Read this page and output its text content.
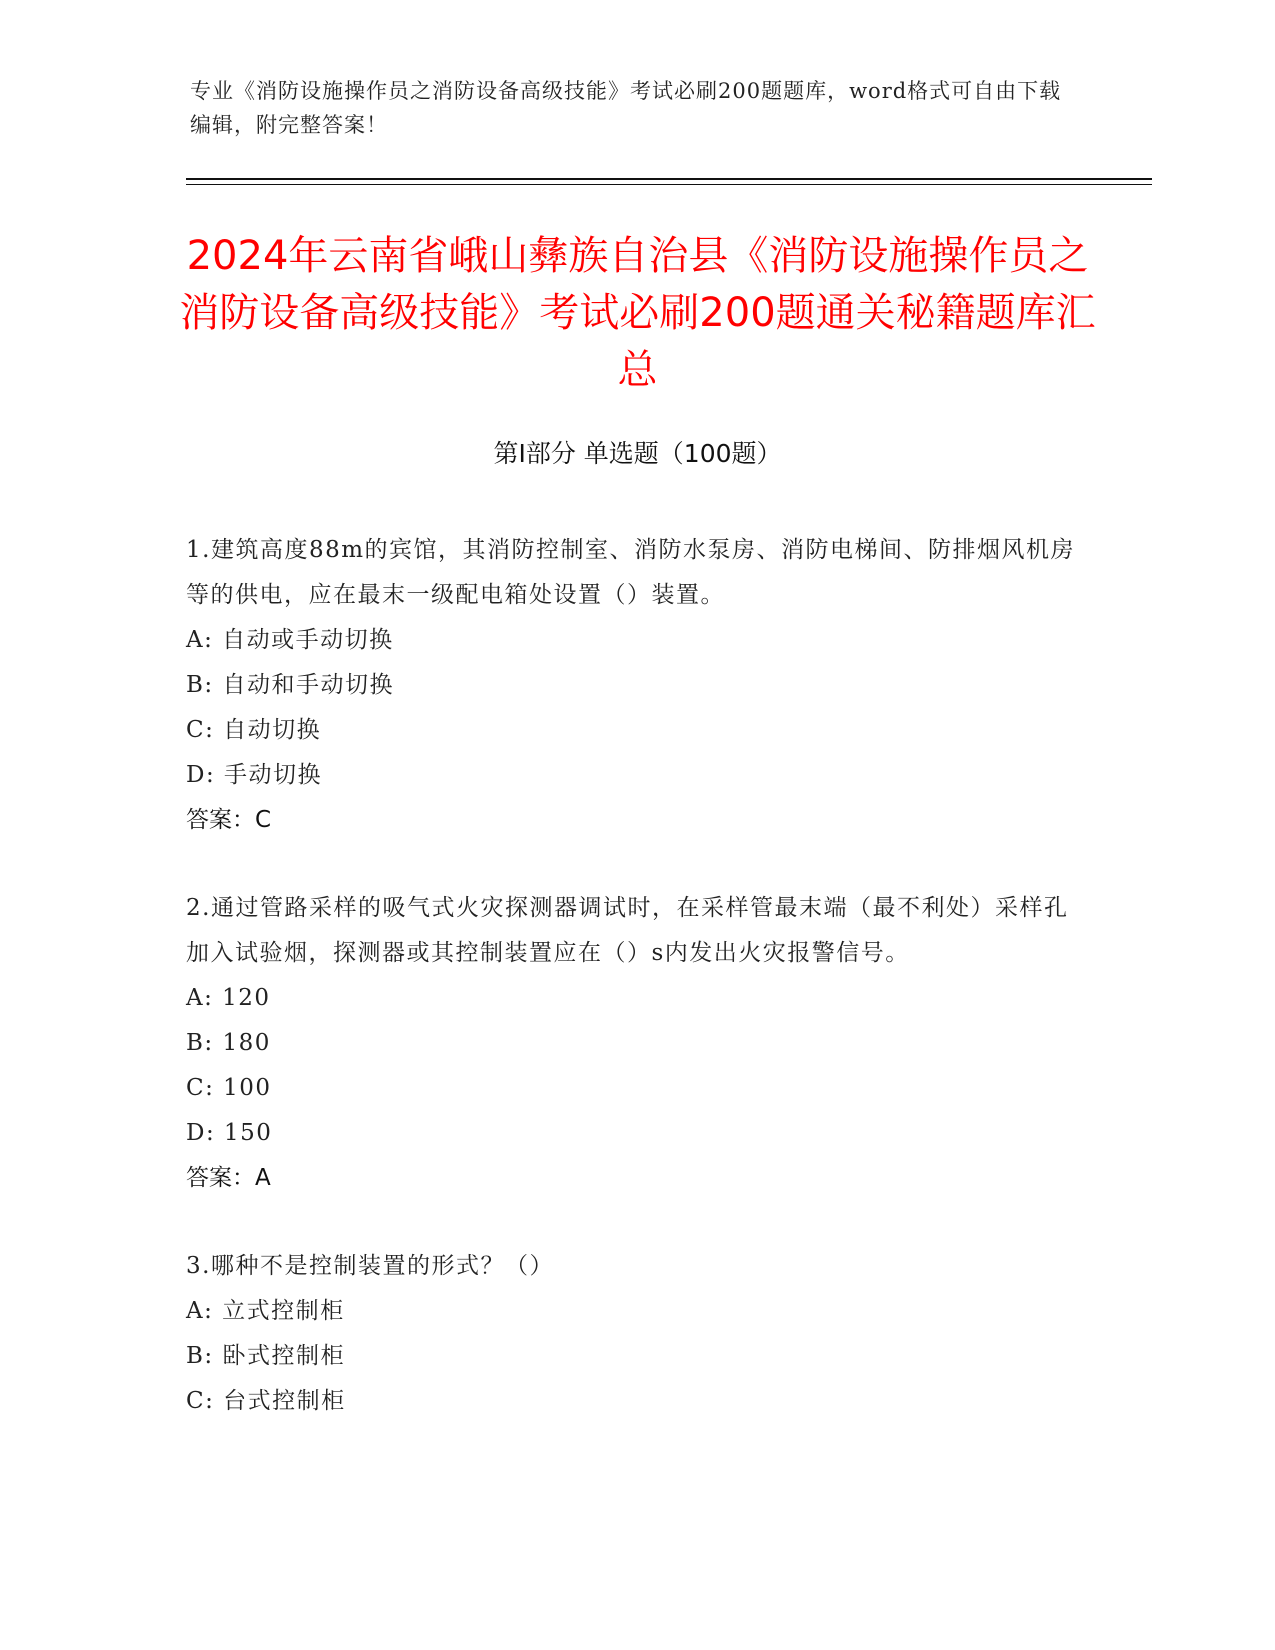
专业《消防设施操作员之消防设备高级技能》考试必刷200题题库，word格式可自由下载编辑，附完整答案！
2024年云南省峨山彝族自治县《消防设施操作员之消防设备高级技能》考试必刷200题通关秘籍题库汇总
第Ⅰ部分 单选题（100题）
1.建筑高度88m的宾馆，其消防控制室、消防水泵房、消防电梯间、防排烟风机房等的供电，应在最末一级配电箱处设置（）装置。
A: 自动或手动切换
B: 自动和手动切换
C: 自动切换
D: 手动切换
答案：C
2.通过管路采样的吸气式火灾探测器调试时，在采样管最末端（最不利处）采样孔加入试验烟，探测器或其控制装置应在（）s内发出火灾报警信号。
A: 120
B: 180
C: 100
D: 150
答案：A
3.哪种不是控制装置的形式？（）
A: 立式控制柜
B: 卧式控制柜
C: 台式控制柜
